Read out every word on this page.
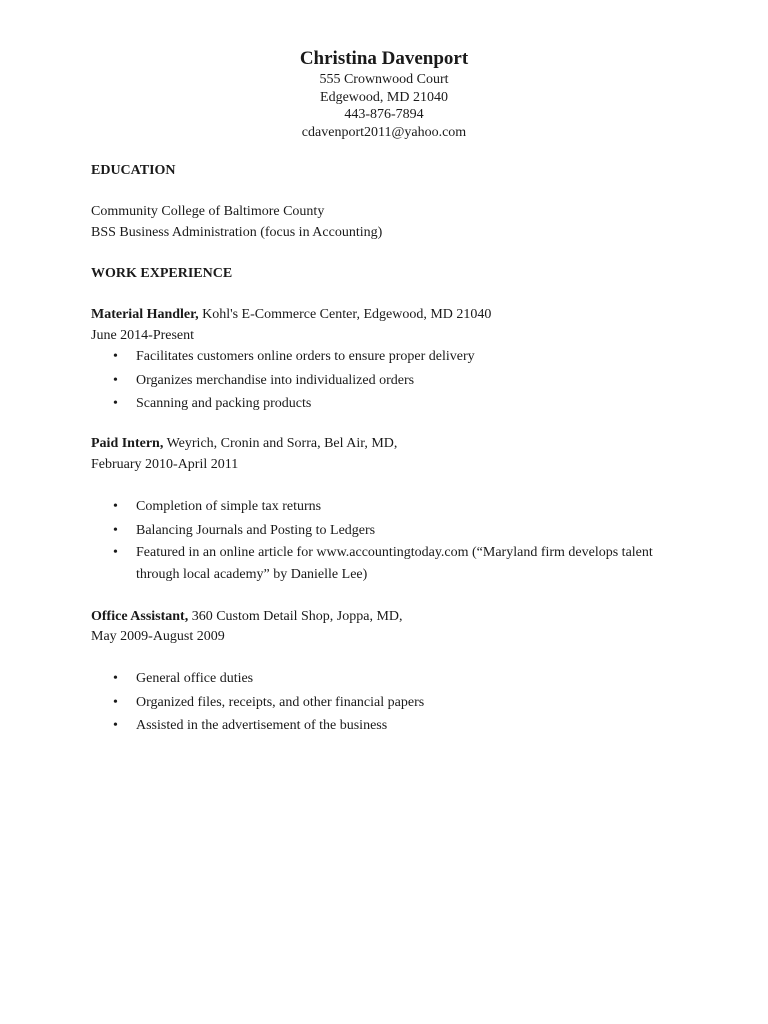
Christina Davenport
555 Crownwood Court
Edgewood, MD 21040
443-876-7894
cdavenport2011@yahoo.com
EDUCATION
Community College of Baltimore County
BSS Business Administration (focus in Accounting)
WORK EXPERIENCE
Material Handler, Kohl's E-Commerce Center, Edgewood, MD 21040
June 2014-Present
• Facilitates customers online orders to ensure proper delivery
• Organizes merchandise into individualized orders
• Scanning and packing products
Paid Intern, Weyrich, Cronin and Sorra, Bel Air, MD,
February 2010-April 2011
• Completion of simple tax returns
• Balancing Journals and Posting to Ledgers
• Featured in an online article for www.accountingtoday.com (“Maryland firm develops talent through local academy” by Danielle Lee)
Office Assistant, 360 Custom Detail Shop, Joppa, MD,
May 2009-August 2009
• General office duties
• Organized files, receipts, and other financial papers
• Assisted in the advertisement of the business
